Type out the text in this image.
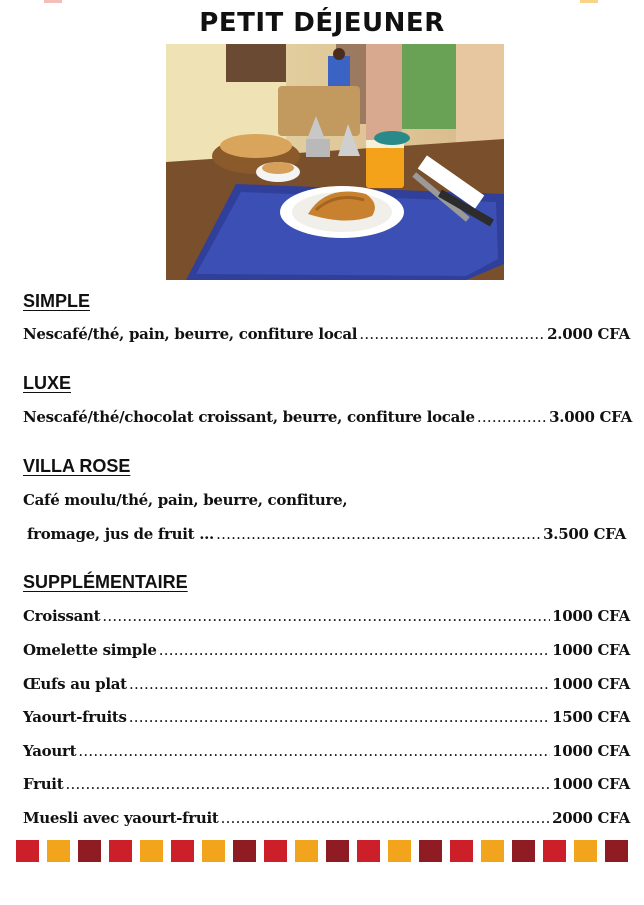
PETIT DÉJEUNER
SIMPLE
Nescafé/thé, pain, beurre, confiture local …………………………………………………………………………………………………………	2.000 CFA
LUXE
Nescafé/thé/chocolat croissant, beurre, confiture locale …………………………………………………………………………………………………………	3.000 CFA
VILLA ROSE
Café moulu/thé, pain, beurre, confiture,
fromage, jus de fruit ... …………………………………………………………………………………………………………	3.500 CFA
SUPPLÉMENTAIRE
Croissant …………………………………………………………………………………………………………	1000 CFA
Omelette simple …………………………………………………………………………………………………………	1000 CFA
Œufs au plat …………………………………………………………………………………………………………	1000 CFA
Yaourt-fruits …………………………………………………………………………………………………………	1500 CFA
Yaourt …………………………………………………………………………………………………………	1000 CFA
Fruit …………………………………………………………………………………………………………	1000 CFA
Muesli avec yaourt-fruit …………………………………………………………………………………………………………	2000 CFA
